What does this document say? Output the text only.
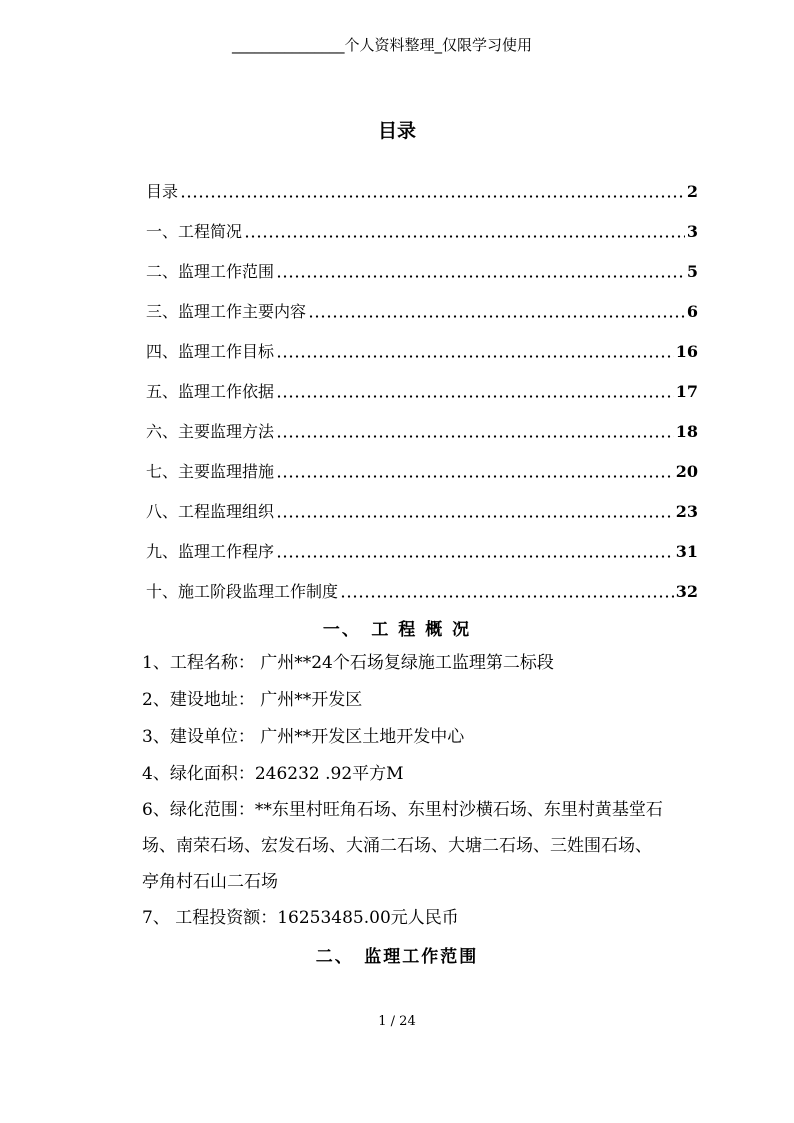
_______________个人资料整理_仅限学习使用
目录
目录	2
一、工程简况	3
二、监理工作范围	5
三、监理工作主要内容	6
四、监理工作目标	16
五、监理工作依据	17
六、主要监理方法	18
七、主要监理措施	20
八、工程监理组织	23
九、监理工作程序	31
十、施工阶段监理工作制度	32
一、　工 程 概 况
1、工程名称： 广州**24个石场复绿施工监理第二标段
2、建设地址： 广州**开发区
3、建设单位： 广州**开发区土地开发中心
4、绿化面积：246232 .92平方M
6、绿化范围：**东里村旺角石场、东里村沙横石场、东里村黄基堂石
场、南荣石场、宏发石场、大涌二石场、大塘二石场、三姓围石场、
亭角村石山二石场
7、 工程投资额：16253485.00元人民币
二、　监理工作范围
1 / 24
